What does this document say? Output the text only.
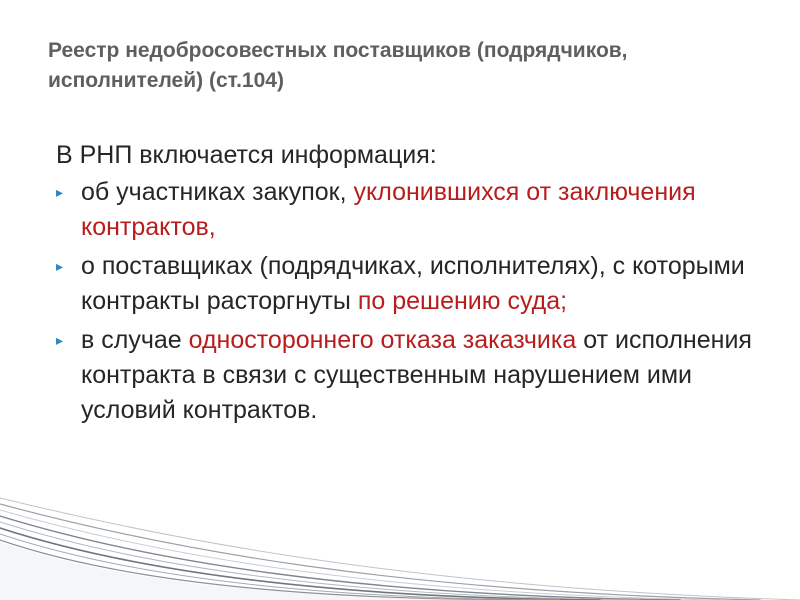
Реестр недобросовестных поставщиков (подрядчиков, исполнителей) (ст.104)

В РНП включается информация:

▸ об участниках закупок, уклонившихся от заключения контрактов,
▸ о поставщиках (подрядчиках, исполнителях), с которыми контракты расторгнуты по решению суда;
▸ в случае одностороннего отказа заказчика от исполнения контракта в связи с существенным нарушением ими условий контрактов.
